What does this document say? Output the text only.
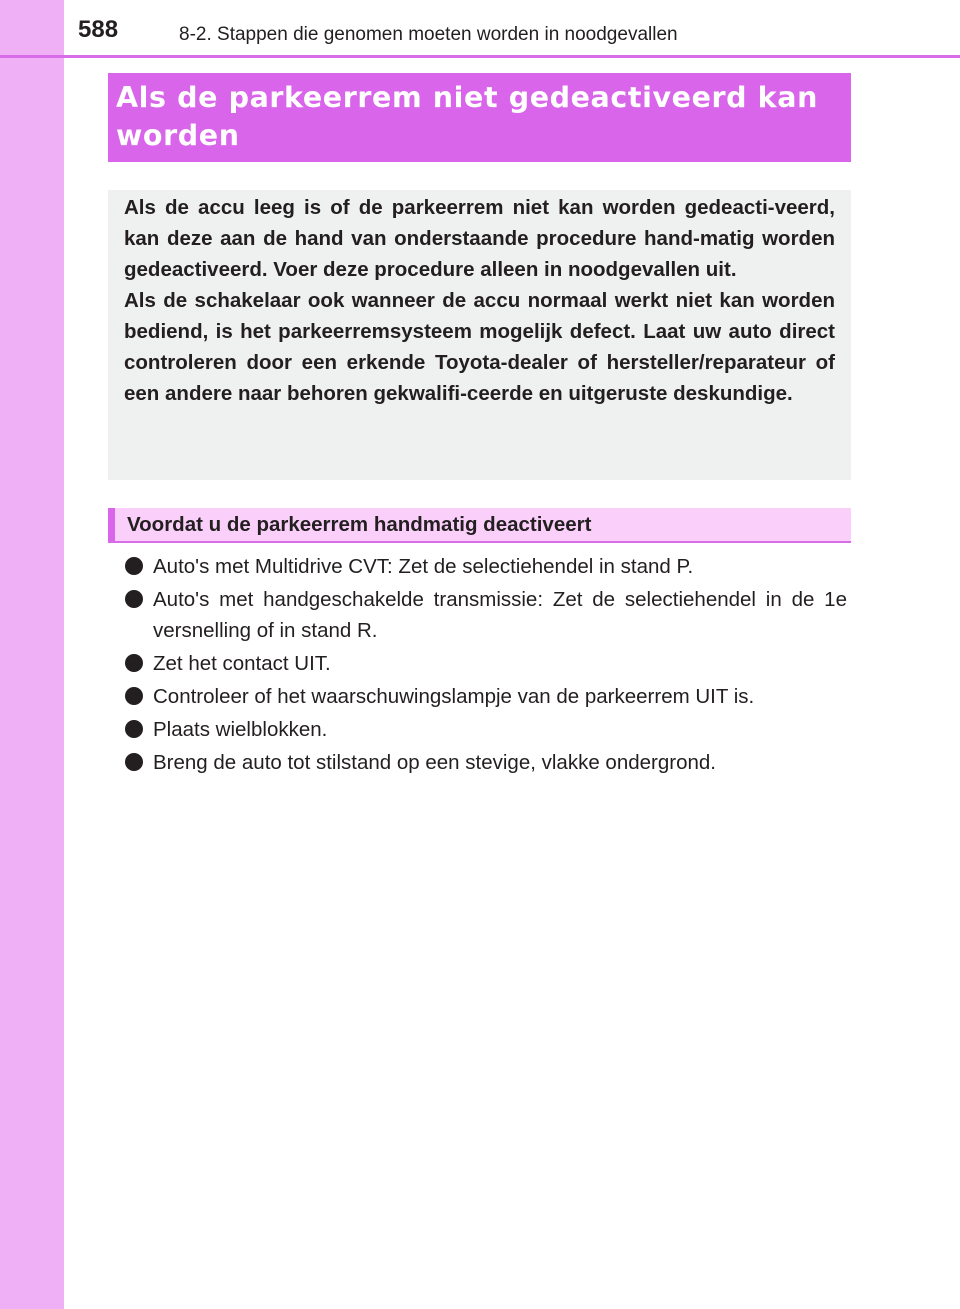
588	8-2. Stappen die genomen moeten worden in noodgevallen
Als de parkeerrem niet gedeactiveerd kan worden

Als de accu leeg is of de parkeerrem niet kan worden gedeacti-veerd, kan deze aan de hand van onderstaande procedure hand-matig worden gedeactiveerd. Voer deze procedure alleen in noodgevallen uit.

Als de schakelaar ook wanneer de accu normaal werkt niet kan worden bediend, is het parkeerremsysteem mogelijk defect. Laat uw auto direct controleren door een erkende Toyota-dealer of hersteller/reparateur of een andere naar behoren gekwalifi-ceerde en uitgeruste deskundige.

Voordat u de parkeerrem handmatig deactiveert
Auto's met Multidrive CVT: Zet de selectiehendel in stand P.
Auto's met handgeschakelde transmissie: Zet de selectiehendel in de 1e versnelling of in stand R.
Zet het contact UIT.
Controleer of het waarschuwingslampje van de parkeerrem UIT is.
Plaats wielblokken.
Breng de auto tot stilstand op een stevige, vlakke ondergrond.
